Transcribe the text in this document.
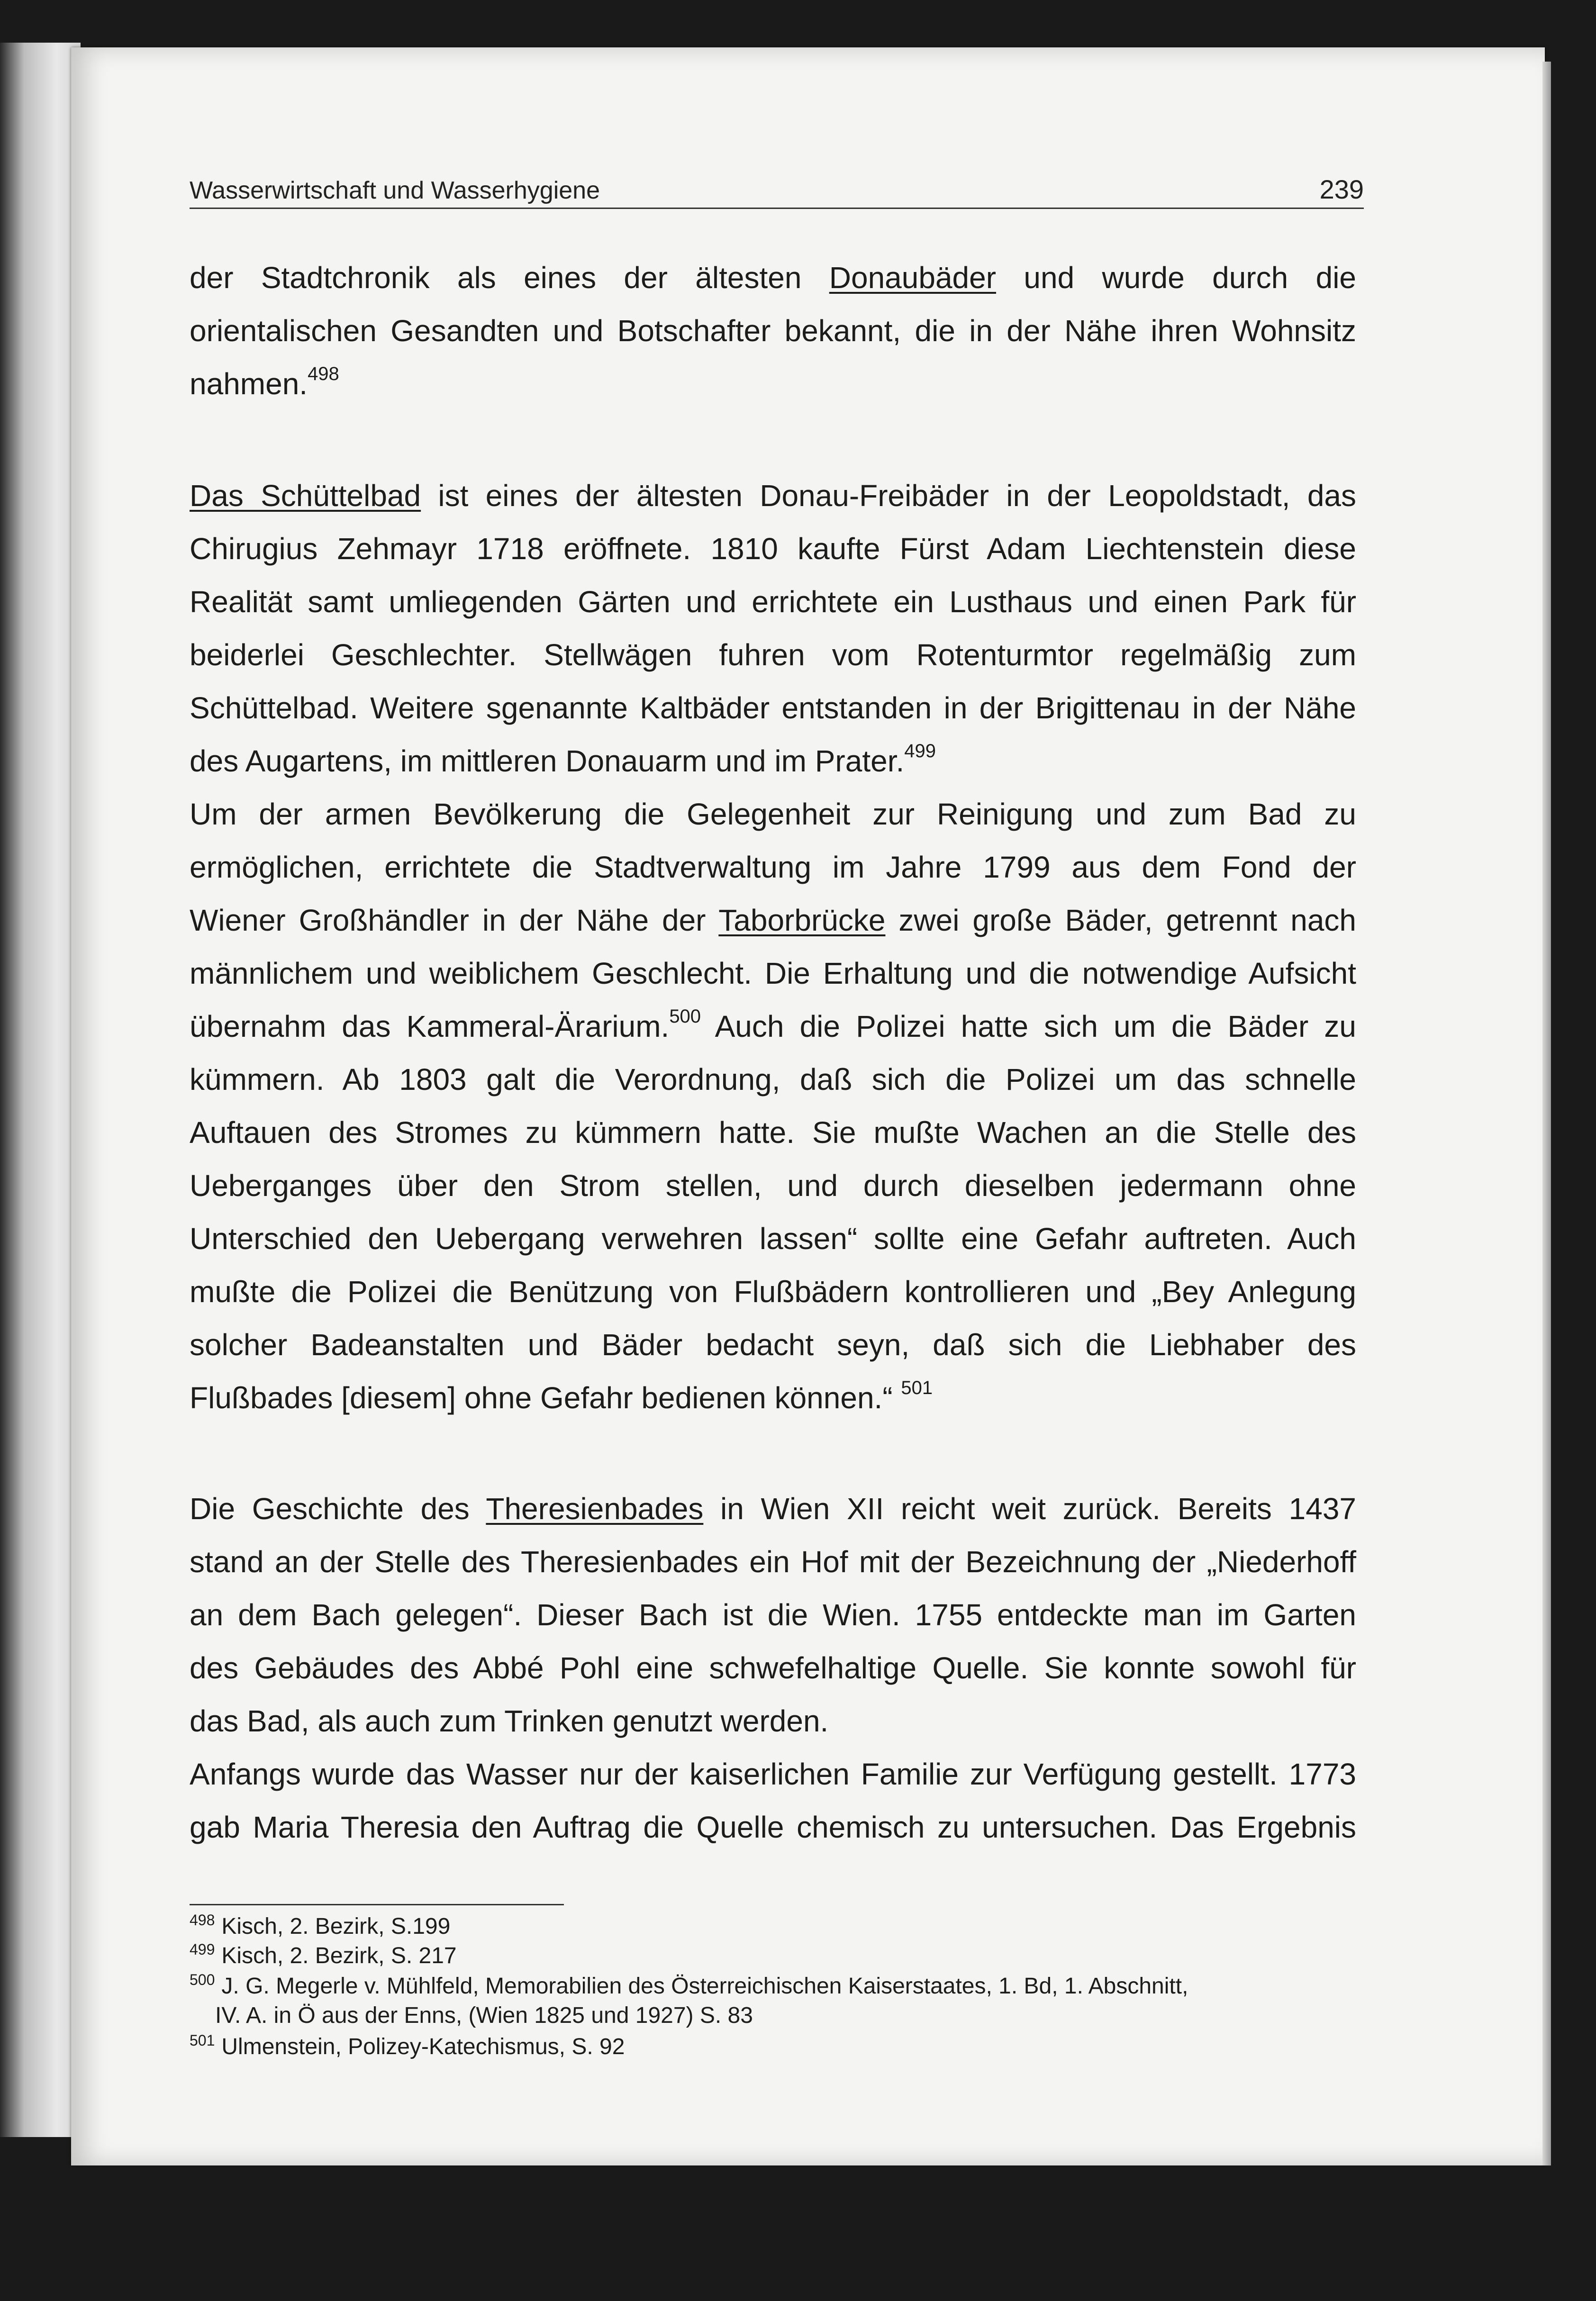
Wasserwirtschaft und Wasserhygiene	239
der Stadtchronik als eines der ältesten Donaubäder und wurde durch die
orientalischen Gesandten und Botschafter bekannt, die in der Nähe ihren Wohnsitz
nahmen.$^{498}$
Das Schüttelbad ist eines der ältesten Donau-Freibäder in der Leopoldstadt, das
Chirugius Zehmayr 1718 eröffnete. 1810 kaufte Fürst Adam Liechtenstein diese
Realität samt umliegenden Gärten und errichtete ein Lusthaus und einen Park für
beiderlei Geschlechter. Stellwägen fuhren vom Rotenturmtor regelmäßig zum
Schüttelbad. Weitere sgenannte Kaltbäder entstanden in der Brigittenau in der Nähe
des Augartens, im mittleren Donauarm und im Prater.$^{499}$
Um der armen Bevölkerung die Gelegenheit zur Reinigung und zum Bad zu
ermöglichen, errichtete die Stadtverwaltung im Jahre 1799 aus dem Fond der
Wiener Großhändler in der Nähe der Taborbrücke zwei große Bäder, getrennt nach
männlichem und weiblichem Geschlecht. Die Erhaltung und die notwendige Aufsicht
übernahm das Kammeral-Ärarium.$^{500}$ Auch die Polizei hatte sich um die Bäder zu
kümmern. Ab 1803 galt die Verordnung, daß sich die Polizei um das schnelle
Auftauen des Stromes zu kümmern hatte. Sie mußte Wachen an die Stelle des
Ueberganges über den Strom stellen, und durch dieselben jedermann ohne
Unterschied den Uebergang verwehren lassen“ sollte eine Gefahr auftreten. Auch
mußte die Polizei die Benützung von Flußbädern kontrollieren und „Bey Anlegung
solcher Badeanstalten und Bäder bedacht seyn, daß sich die Liebhaber des
Flußbades [diesem] ohne Gefahr bedienen können.“ $^{501}$
Die Geschichte des Theresienbades in Wien XII reicht weit zurück. Bereits 1437
stand an der Stelle des Theresienbades ein Hof mit der Bezeichnung der „Niederhoff
an dem Bach gelegen“. Dieser Bach ist die Wien. 1755 entdeckte man im Garten
des Gebäudes des Abbé Pohl eine schwefelhaltige Quelle. Sie konnte sowohl für
das Bad, als auch zum Trinken genutzt werden.
Anfangs wurde das Wasser nur der kaiserlichen Familie zur Verfügung gestellt. 1773
gab Maria Theresia den Auftrag die Quelle chemisch zu untersuchen. Das Ergebnis
$^{498}$ Kisch, 2. Bezirk, S.199
$^{499}$ Kisch, 2. Bezirk, S. 217
$^{500}$ J. G. Megerle v. Mühlfeld, Memorabilien des Österreichischen Kaiserstaates, 1. Bd, 1. Abschnitt,
IV. A. in Ö aus der Enns, (Wien 1825 und 1927) S. 83
$^{501}$ Ulmenstein, Polizey-Katechismus, S. 92
